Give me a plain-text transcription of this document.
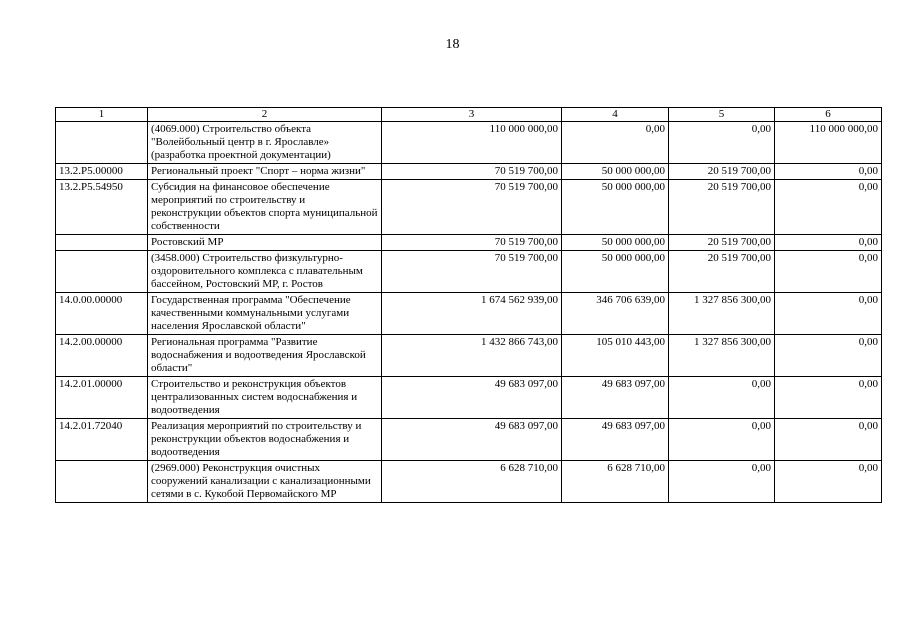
18
1	2	3	4	5	6
	(4069.000) Строительство объекта "Волейбольный центр в г. Ярославле» (разработка проектной документации)	110 000 000,00	0,00	0,00	110 000 000,00
13.2.P5.00000	Региональный проект "Спорт – норма жизни"	70 519 700,00	50 000 000,00	20 519 700,00	0,00
13.2.P5.54950	Субсидия на финансовое обеспечение мероприятий по строительству и реконструкции объектов спорта муниципальной собственности	70 519 700,00	50 000 000,00	20 519 700,00	0,00
	Ростовский МР	70 519 700,00	50 000 000,00	20 519 700,00	0,00
	(3458.000) Строительство физкультурно-оздоровительного комплекса с плавательным бассейном, Ростовский МР, г. Ростов	70 519 700,00	50 000 000,00	20 519 700,00	0,00
14.0.00.00000	Государственная программа "Обеспечение качественными коммунальными услугами населения Ярославской области"	1 674 562 939,00	346 706 639,00	1 327 856 300,00	0,00
14.2.00.00000	Региональная программа "Развитие водоснабжения и водоотведения Ярославской области"	1 432 866 743,00	105 010 443,00	1 327 856 300,00	0,00
14.2.01.00000	Строительство и реконструкция объектов централизованных систем водоснабжения и водоотведения	49 683 097,00	49 683 097,00	0,00	0,00
14.2.01.72040	Реализация мероприятий по строительству и реконструкции объектов водоснабжения и водоотведения	49 683 097,00	49 683 097,00	0,00	0,00
	(2969.000) Реконструкция очистных сооружений канализации с канализационными сетями в с. Кукобой Первомайского МР	6 628 710,00	6 628 710,00	0,00	0,00
